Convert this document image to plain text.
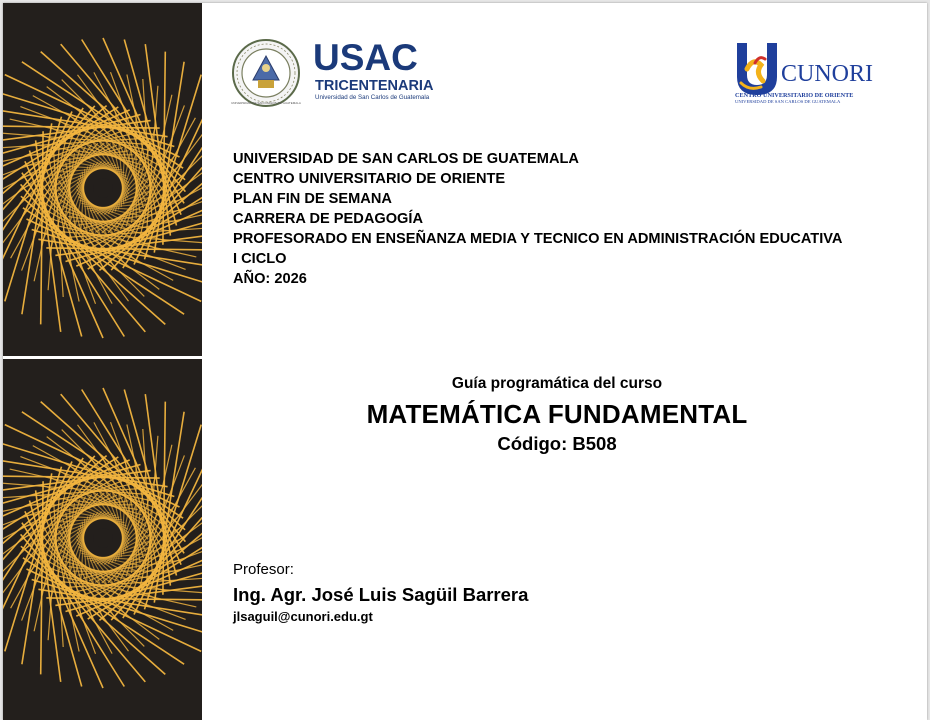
UNIVERSIDAD DE SAN CARLOS DE GUATEMALA
USAC
TRICENTENARIA
Universidad de San Carlos de Guatemala
CUNORI
CENTRO UNIVERSITARIO DE ORIENTE
UNIVERSIDAD DE SAN CARLOS DE GUATEMALA
UNIVERSIDAD DE SAN CARLOS DE GUATEMALA
CENTRO UNIVERSITARIO DE ORIENTE
PLAN FIN DE SEMANA
CARRERA DE PEDAGOGÍA
PROFESORADO EN ENSEÑANZA MEDIA Y TECNICO EN ADMINISTRACIÓN EDUCATIVA
I CICLO
AÑO: 2026
Guía programática del curso
MATEMÁTICA FUNDAMENTAL
Código: B508
Profesor:
Ing. Agr. José Luis Sagüil Barrera
jlsaguil@cunori.edu.gt
